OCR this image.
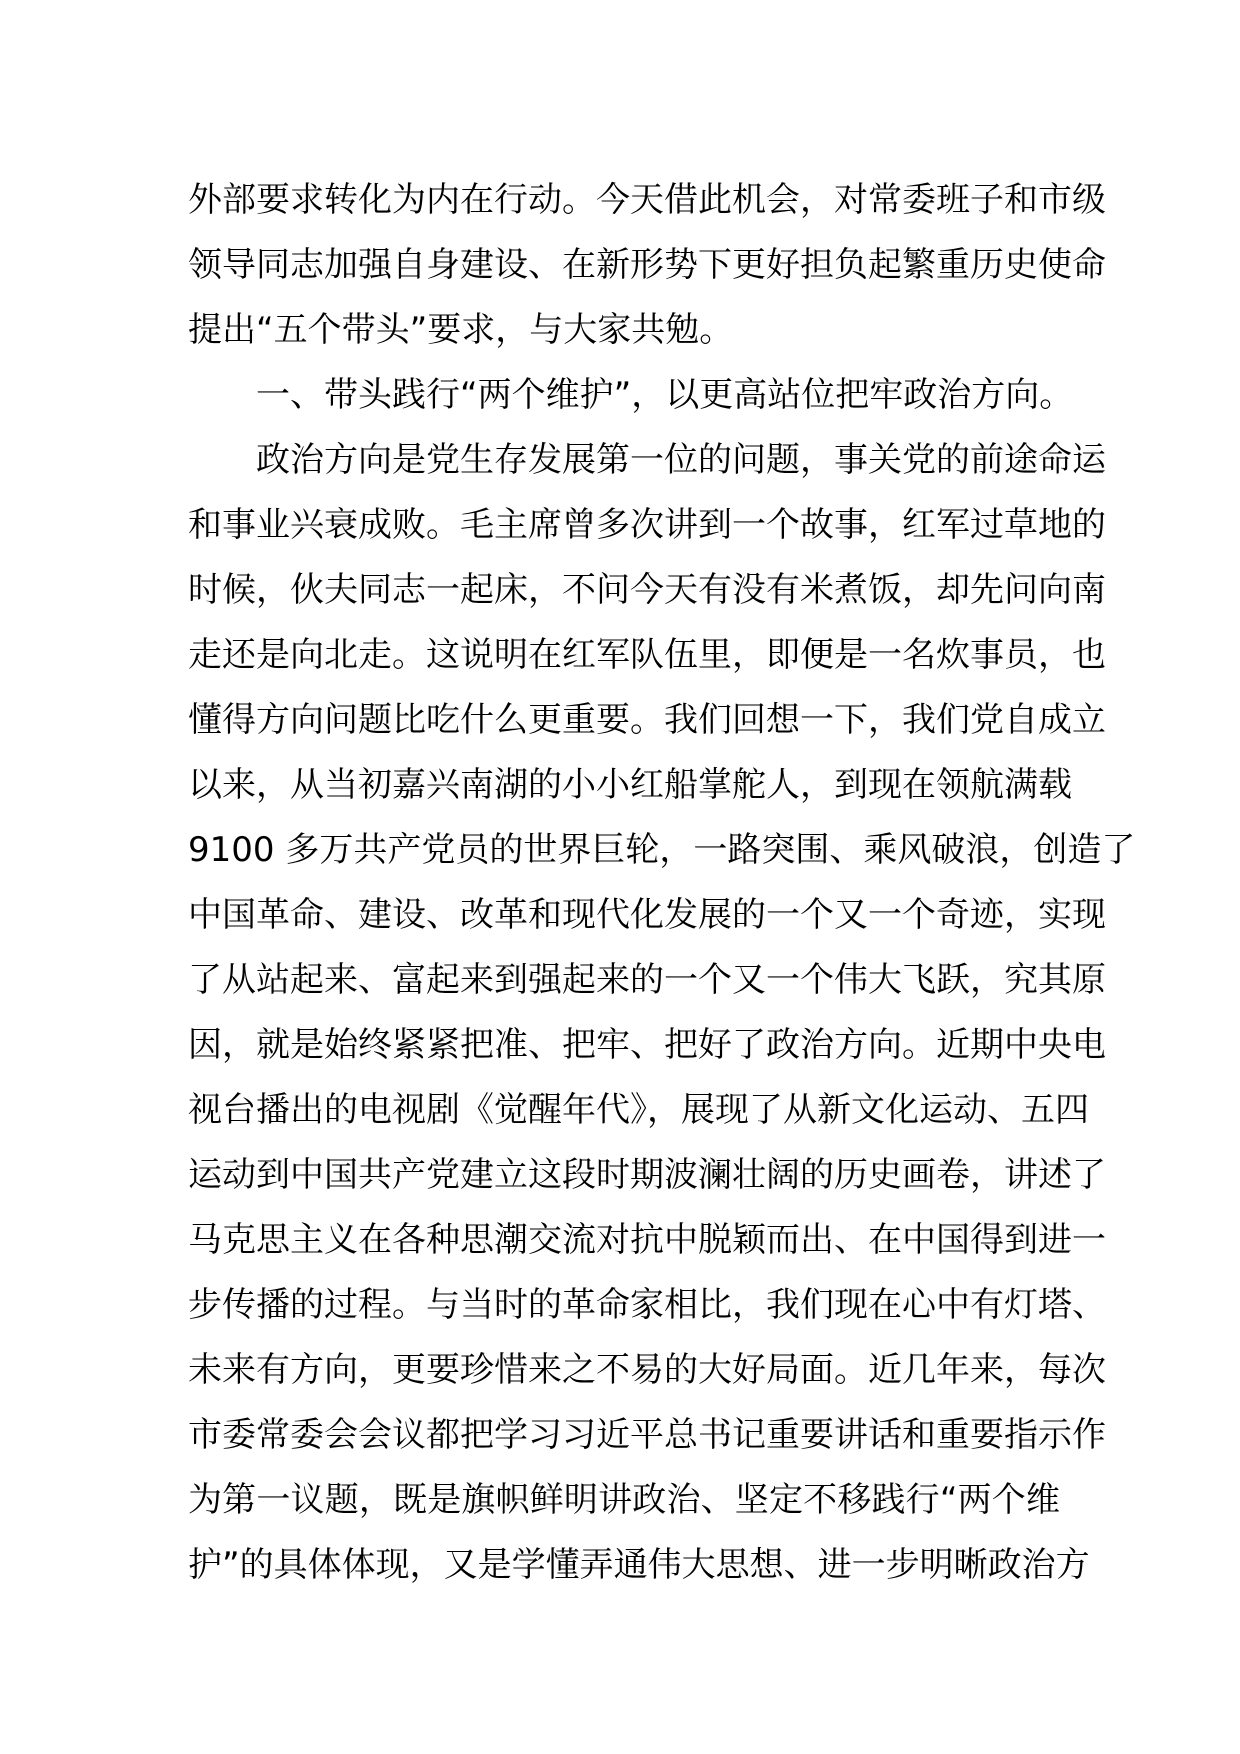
外部要求转化为内在行动。今天借此机会，对常委班子和市级
领导同志加强自身建设、在新形势下更好担负起繁重历史使命
提出“五个带头”要求，与大家共勉。
一、带头践行“两个维护”，以更高站位把牢政治方向。
政治方向是党生存发展第一位的问题，事关党的前途命运
和事业兴衰成败。毛主席曾多次讲到一个故事，红军过草地的
时候，伙夫同志一起床，不问今天有没有米煮饭，却先问向南
走还是向北走。这说明在红军队伍里，即便是一名炊事员，也
懂得方向问题比吃什么更重要。我们回想一下，我们党自成立
以来，从当初嘉兴南湖的小小红船掌舵人，到现在领航满载
9100 多万共产党员的世界巨轮，一路突围、乘风破浪，创造了
中国革命、建设、改革和现代化发展的一个又一个奇迹，实现
了从站起来、富起来到强起来的一个又一个伟大飞跃，究其原
因，就是始终紧紧把准、把牢、把好了政治方向。近期中央电
视台播出的电视剧《觉醒年代》，展现了从新文化运动、五四
运动到中国共产党建立这段时期波澜壮阔的历史画卷，讲述了
马克思主义在各种思潮交流对抗中脱颖而出、在中国得到进一
步传播的过程。与当时的革命家相比，我们现在心中有灯塔、
未来有方向，更要珍惜来之不易的大好局面。近几年来，每次
市委常委会会议都把学习习近平总书记重要讲话和重要指示作
为第一议题，既是旗帜鲜明讲政治、坚定不移践行“两个维
护”的具体体现，又是学懂弄通伟大思想、进一步明晰政治方
